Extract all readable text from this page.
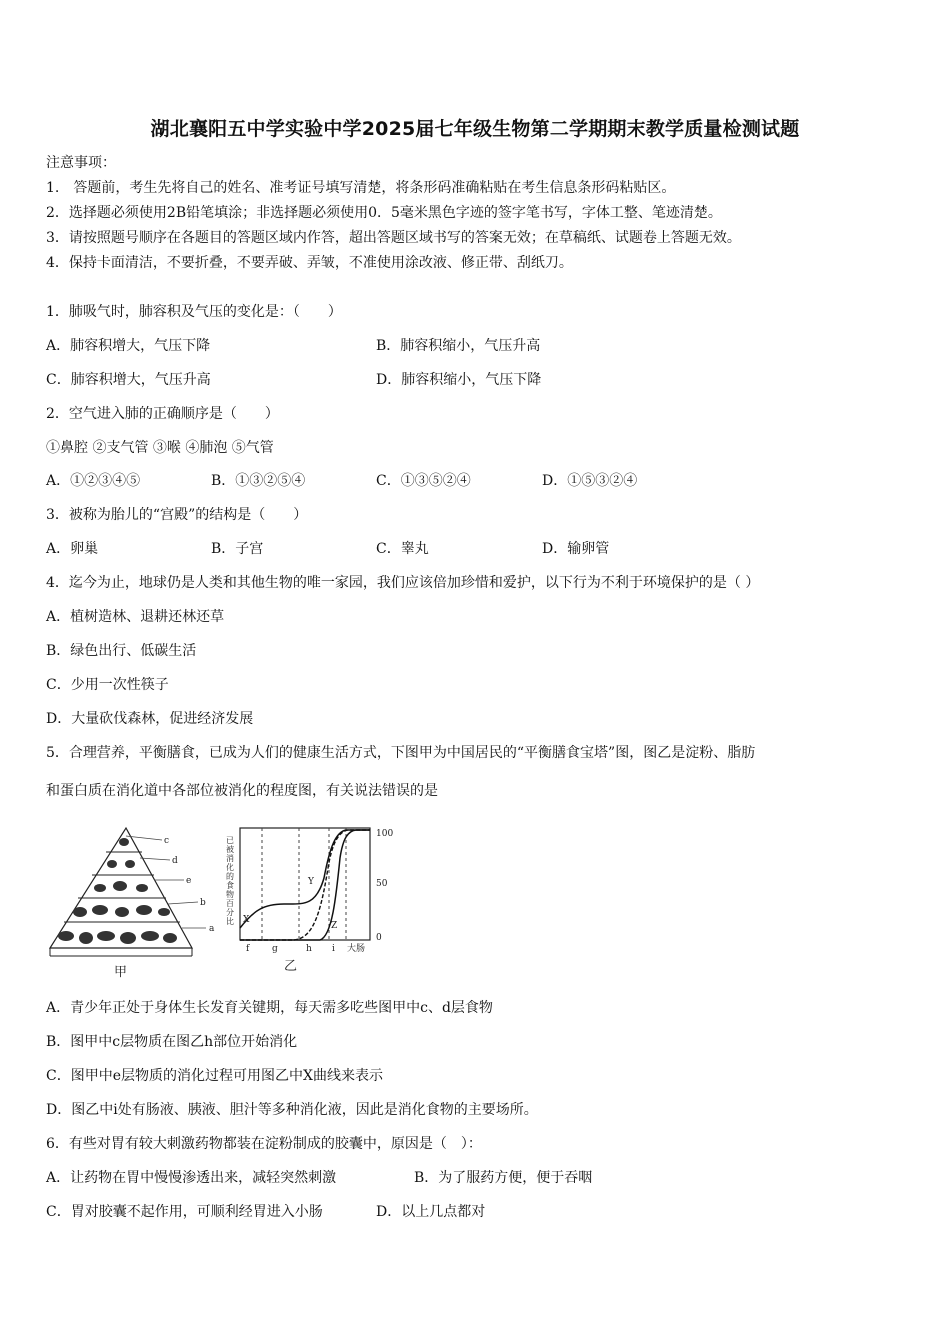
湖北襄阳五中学实验中学2025届七年级生物第二学期期末教学质量检测试题
注意事项：
1.　答题前，考生先将自己的姓名、准考证号填写清楚，将条形码准确粘贴在考生信息条形码粘贴区。
2．选择题必须使用2B铅笔填涂；非选择题必须使用0．5毫米黑色字迹的签字笔书写，字体工整、笔迹清楚。
3．请按照题号顺序在各题目的答题区域内作答，超出答题区域书写的答案无效；在草稿纸、试题卷上答题无效。
4．保持卡面清洁，不要折叠，不要弄破、弄皱，不准使用涂改液、修正带、刮纸刀。
1．肺吸气时，肺容积及气压的变化是：（　　）
A．肺容积增大，气压下降	B．肺容积缩小，气压升高
C．肺容积增大，气压升高	D．肺容积缩小，气压下降
2．空气进入肺的正确顺序是（　　）
①鼻腔 ②支气管 ③喉 ④肺泡 ⑤气管
A．①②③④⑤	B．①③②⑤④	C．①③⑤②④	D．①⑤③②④
3．被称为胎儿的“宫殿”的结构是（　　）
A．卵巢	B．子宫	C．睾丸	D．输卵管
4．迄今为止，地球仍是人类和其他生物的唯一家园，我们应该倍加珍惜和爱护，以下行为不利于环境保护的是（ ）
A．植树造林、退耕还林还草
B．绿色出行、低碳生活
C．少用一次性筷子
D．大量砍伐森林，促进经济发展
5．合理营养，平衡膳食，已成为人们的健康生活方式，下图甲为中国居民的“平衡膳食宝塔”图，图乙是淀粉、脂肪
和蛋白质在消化道中各部位被消化的程度图，有关说法错误的是
a
b
c
d
e
甲
已被消化的食物百分比
100
50
0
f	g	h i 大肠
X
Y
Z
乙
A．青少年正处于身体生长发育关键期，每天需多吃些图甲中c、d层食物
B．图甲中c层物质在图乙h部位开始消化
C．图甲中e层物质的消化过程可用图乙中X曲线来表示
D．图乙中i处有肠液、胰液、胆汁等多种消化液，因此是消化食物的主要场所。
6．有些对胃有较大刺激药物都装在淀粉制成的胶囊中，原因是（　）：
A．让药物在胃中慢慢渗透出来，减轻突然刺激	B．为了服药方便，便于吞咽
C．胃对胶囊不起作用，可顺利经胃进入小肠	D．以上几点都对
